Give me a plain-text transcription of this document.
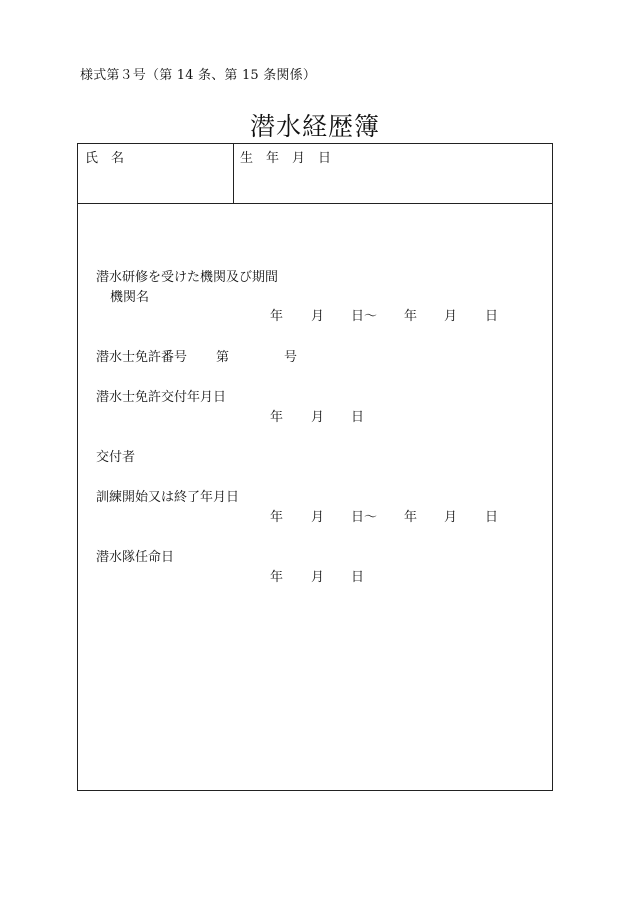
様式第３号（第 14 条、第 15 条関係）
潜水経歴簿
氏　名	生　年　月　日
潜水研修を受けた機関及び期間
機関名
年 月 日～ 年 月 日
潜水士免許番号 第	号
潜水士免許交付年月日
年 月 日
交付者
訓練開始又は終了年月日
年 月 日～ 年 月 日
潜水隊任命日
年 月 日
